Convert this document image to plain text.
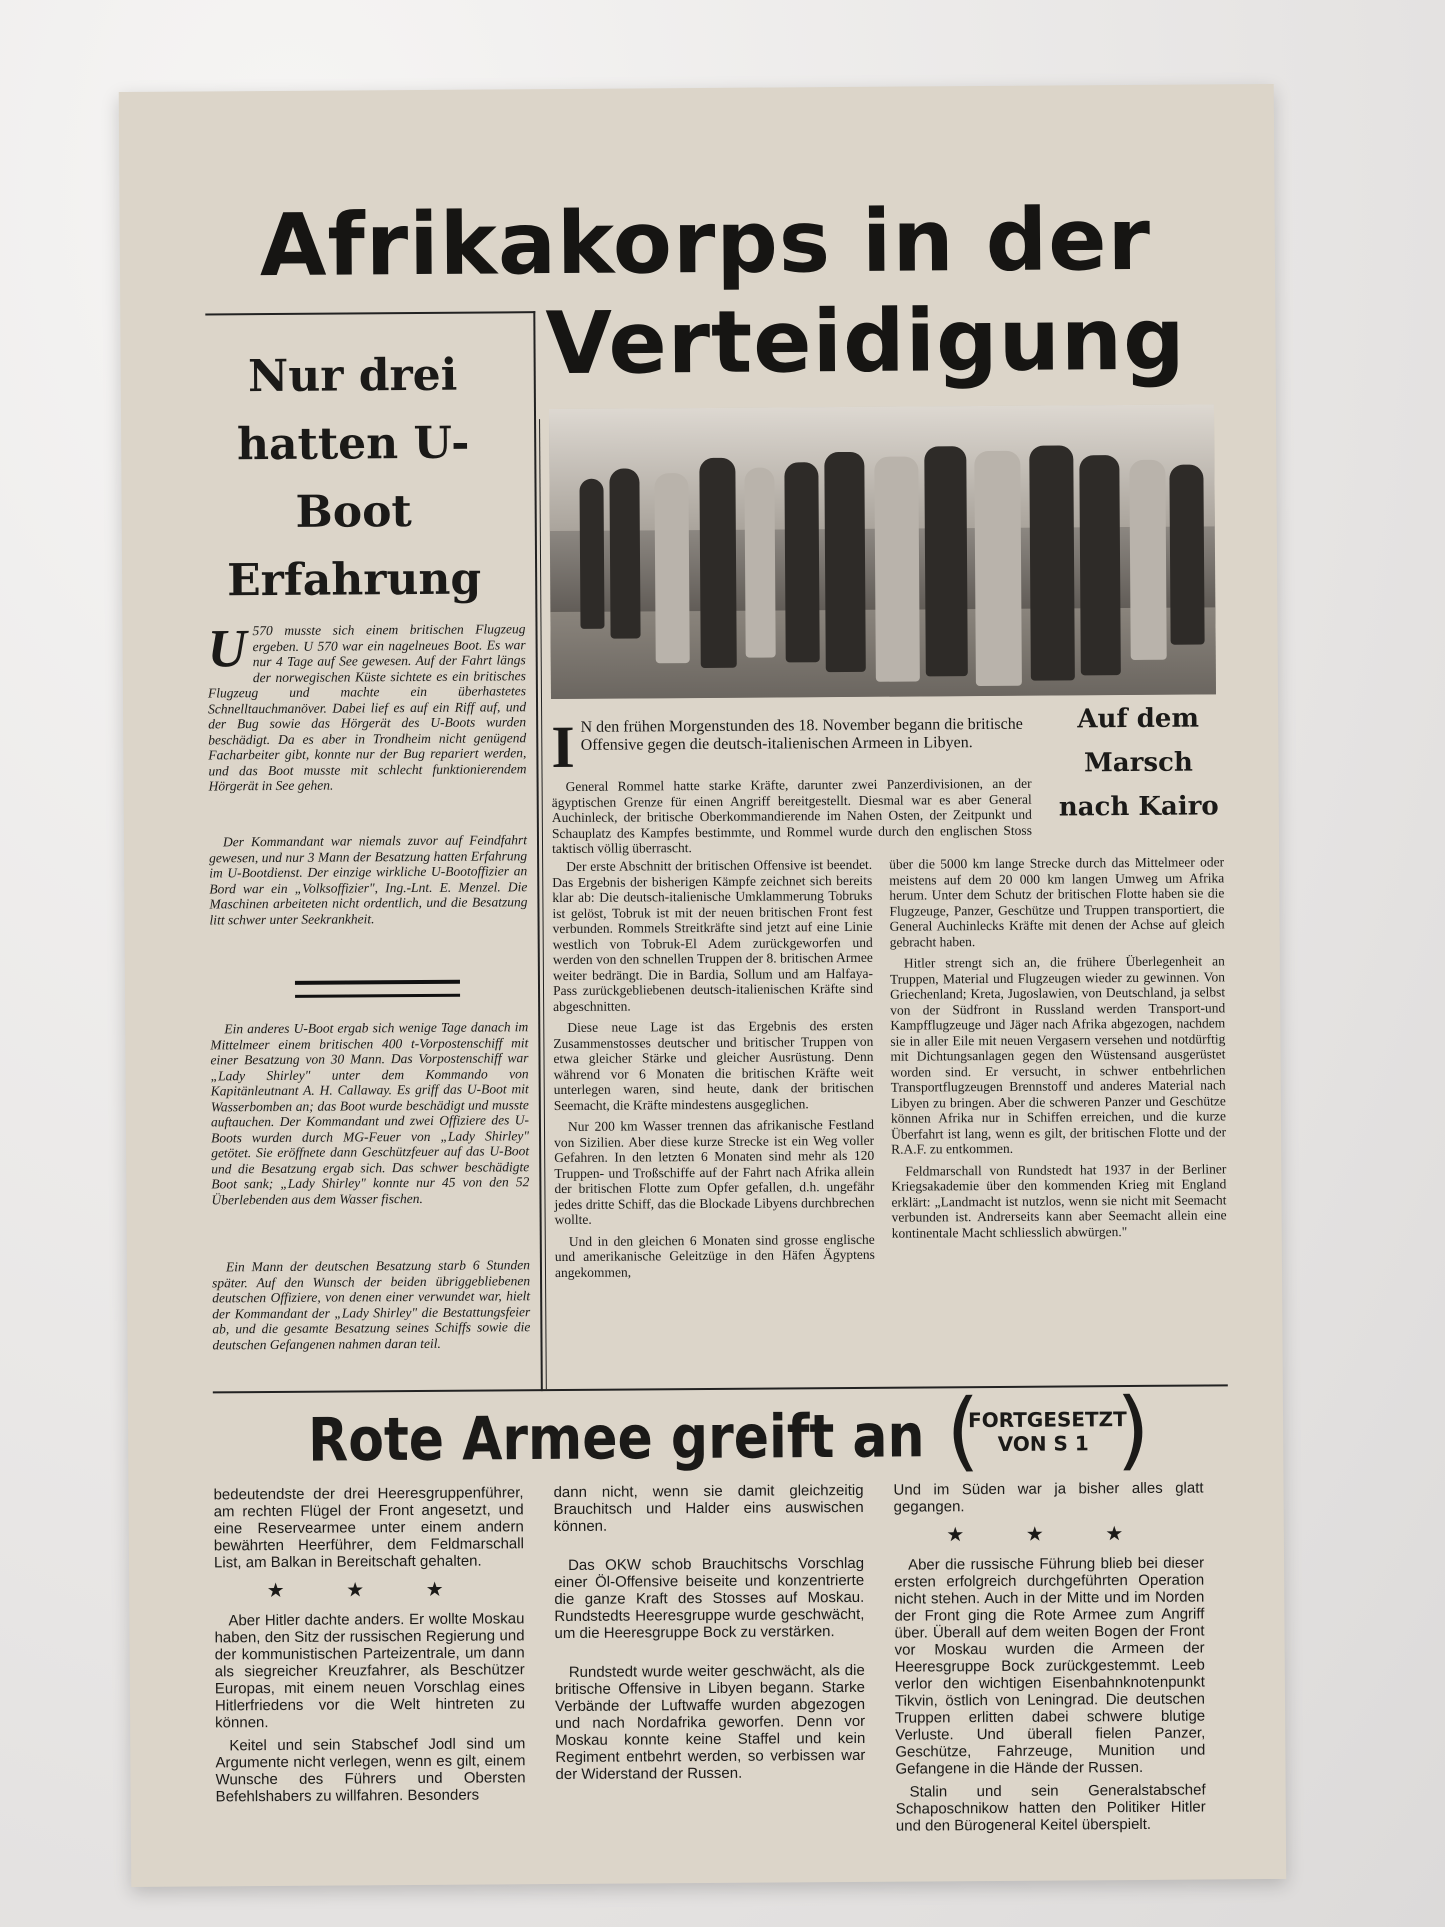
Afrikakorps in der
Verteidigung
Nur drei hatten U-Boot Erfahrung
U 570 musste sich einem britischen Flugzeug ergeben. U 570 war ein nagelneues Boot. Es war nur 4 Tage auf See gewesen. Auf der Fahrt längs der norwegischen Küste sichtete es ein britisches Flugzeug und machte ein überhastetes Schnelltauchmanöver. Dabei lief es auf ein Riff auf, und der Bug sowie das Hörgerät des U-Boots wurden beschädigt. Da es aber in Trondheim nicht genügend Facharbeiter gibt, konnte nur der Bug repariert werden, und das Boot musste mit schlecht funktionierendem Hörgerät in See gehen.
Der Kommandant war niemals zuvor auf Feindfahrt gewesen, und nur 3 Mann der Besatzung hatten Erfahrung im U-Bootdienst. Der einzige wirkliche U-Bootoffizier an Bord war ein „Volksoffizier", Ing.-Lnt. E. Menzel. Die Maschinen arbeiteten nicht ordentlich, und die Besatzung litt schwer unter Seekrankheit.
Ein anderes U-Boot ergab sich wenige Tage danach im Mittelmeer einem britischen 400 t-Vorpostenschiff mit einer Besatzung von 30 Mann. Das Vorpostenschiff war „Lady Shirley" unter dem Kommando von Kapitänleutnant A. H. Callaway. Es griff das U-Boot mit Wasserbomben an; das Boot wurde beschädigt und musste auftauchen. Der Kommandant und zwei Offiziere des U-Boots wurden durch MG-Feuer von „Lady Shirley" getötet. Sie eröffnete dann Geschützfeuer auf das U-Boot und die Besatzung ergab sich. Das schwer beschädigte Boot sank; „Lady Shirley" konnte nur 45 von den 52 Überlebenden aus dem Wasser fischen.
Ein Mann der deutschen Besatzung starb 6 Stunden später. Auf den Wunsch der beiden übriggebliebenen deutschen Offiziere, von denen einer verwundet war, hielt der Kommandant der „Lady Shirley" die Bestattungsfeier ab, und die gesamte Besatzung seines Schiffs sowie die deutschen Gefangenen nahmen daran teil.
I N den frühen Morgenstunden des 18. November begann die britische Offensive gegen die deutsch-italienischen Armeen in Libyen.
Auf dem Marsch nach Kairo
General Rommel hatte starke Kräfte, darunter zwei Panzerdivisionen, an der ägyptischen Grenze für einen Angriff bereitgestellt. Diesmal war es aber General Auchinleck, der britische Oberkommandierende im Nahen Osten, der Zeitpunkt und Schauplatz des Kampfes bestimmte, und Rommel wurde durch den englischen Stoss taktisch völlig überrascht.

Der erste Abschnitt der britischen Offensive ist beendet. Das Ergebnis der bisherigen Kämpfe zeichnet sich bereits klar ab: Die deutsch-italienische Umklammerung Tobruks ist gelöst, Tobruk ist mit der neuen britischen Front fest verbunden. Rommels Streitkräfte sind jetzt auf eine Linie westlich von Tobruk-El Adem zurückgeworfen und werden von den schnellen Truppen der 8. britischen Armee weiter bedrängt. Die in Bardia, Sollum und am Halfaya-Pass zurückgebliebenen deutsch-italienischen Kräfte sind abgeschnitten.

Diese neue Lage ist das Ergebnis des ersten Zusammenstosses deutscher und britischer Truppen von etwa gleicher Stärke und gleicher Ausrüstung. Denn während vor 6 Monaten die britischen Kräfte weit unterlegen waren, sind heute, dank der britischen Seemacht, die Kräfte mindestens ausgeglichen.

Nur 200 km Wasser trennen das afrikanische Festland von Sizilien. Aber diese kurze Strecke ist ein Weg voller Gefahren. In den letzten 6 Monaten sind mehr als 120 Truppen- und Troßschiffe auf der Fahrt nach Afrika allein der britischen Flotte zum Opfer gefallen, d.h. ungefähr jedes dritte Schiff, das die Blockade Libyens durchbrechen wollte.

Und in den gleichen 6 Monaten sind grosse englische und amerikanische Geleitzüge in den Häfen Ägyptens angekommen,

über die 5000 km lange Strecke durch das Mittelmeer oder meistens auf dem 20 000 km langen Umweg um Afrika herum. Unter dem Schutz der britischen Flotte haben sie die Flugzeuge, Panzer, Geschütze und Truppen transportiert, die General Auchinlecks Kräfte mit denen der Achse auf gleich gebracht haben.

Hitler strengt sich an, die frühere Überlegenheit an Truppen, Material und Flugzeugen wieder zu gewinnen. Von Griechenland; Kreta, Jugoslawien, von Deutschland, ja selbst von der Südfront in Russland werden Transport-und Kampfflugzeuge und Jäger nach Afrika abgezogen, nachdem sie in aller Eile mit neuen Vergasern versehen und notdürftig mit Dichtungsanlagen gegen den Wüstensand ausgerüstet worden sind. Er versucht, in schwer entbehrlichen Transportflugzeugen Brennstoff und anderes Material nach Libyen zu bringen. Aber die schweren Panzer und Geschütze können Afrika nur in Schiffen erreichen, und die kurze Überfahrt ist lang, wenn es gilt, der britischen Flotte und der R.A.F. zu entkommen.

Feldmarschall von Rundstedt hat 1937 in der Berliner Kriegsakademie über den kommenden Krieg mit England erklärt: „Landmacht ist nutzlos, wenn sie nicht mit Seemacht verbunden ist. Andrerseits kann aber Seemacht allein eine kontinentale Macht schliesslich abwürgen."

Rote Armee greift an (
FORTGESETZT VON S 1 )

bedeutendste der drei Heeresgruppenführer, am rechten Flügel der Front angesetzt, und eine Reservearmee unter einem andern bewährten Heerführer, dem Feldmarschall List, am Balkan in Bereitschaft gehalten.

★ ★ ★

Aber Hitler dachte anders. Er wollte Moskau haben, den Sitz der russischen Regierung und der kommunistischen Parteizentrale, um dann als siegreicher Kreuzfahrer, als Beschützer Europas, mit einem neuen Vorschlag eines Hitlerfriedens vor die Welt hintreten zu können.

Keitel und sein Stabschef Jodl sind um Argumente nicht verlegen, wenn es gilt, einem Wunsche des Führers und Obersten Befehlshabers zu willfahren. Besonders

dann nicht, wenn sie damit gleichzeitig Brauchitsch und Halder eins auswischen können.

Das OKW schob Brauchitschs Vorschlag einer Öl-Offensive beiseite und konzentrierte die ganze Kraft des Stosses auf Moskau. Rundstedts Heeresgruppe wurde geschwächt, um die Heeresgruppe Bock zu verstärken.

Rundstedt wurde weiter geschwächt, als die britische Offensive in Libyen begann. Starke Verbände der Luftwaffe wurden abgezogen und nach Nordafrika geworfen. Denn vor Moskau konnte keine Staffel und kein Regiment entbehrt werden, so verbissen war der Widerstand der Russen.

Und im Süden war ja bisher alles glatt gegangen.

★ ★ ★

Aber die russische Führung blieb bei dieser ersten erfolgreich durchgeführten Operation nicht stehen. Auch in der Mitte und im Norden der Front ging die Rote Armee zum Angriff über. Überall auf dem weiten Bogen der Front vor Moskau wurden die Armeen der Heeresgruppe Bock zurückgestemmt. Leeb verlor den wichtigen Eisenbahnknotenpunkt Tikvin, östlich von Leningrad. Die deutschen Truppen erlitten dabei schwere blutige Verluste. Und überall fielen Panzer, Geschütze, Fahrzeuge, Munition und Gefangene in die Hände der Russen.

Stalin und sein Generalstabschef Schaposchnikow hatten den Politiker Hitler und den Bürogeneral Keitel überspielt.
